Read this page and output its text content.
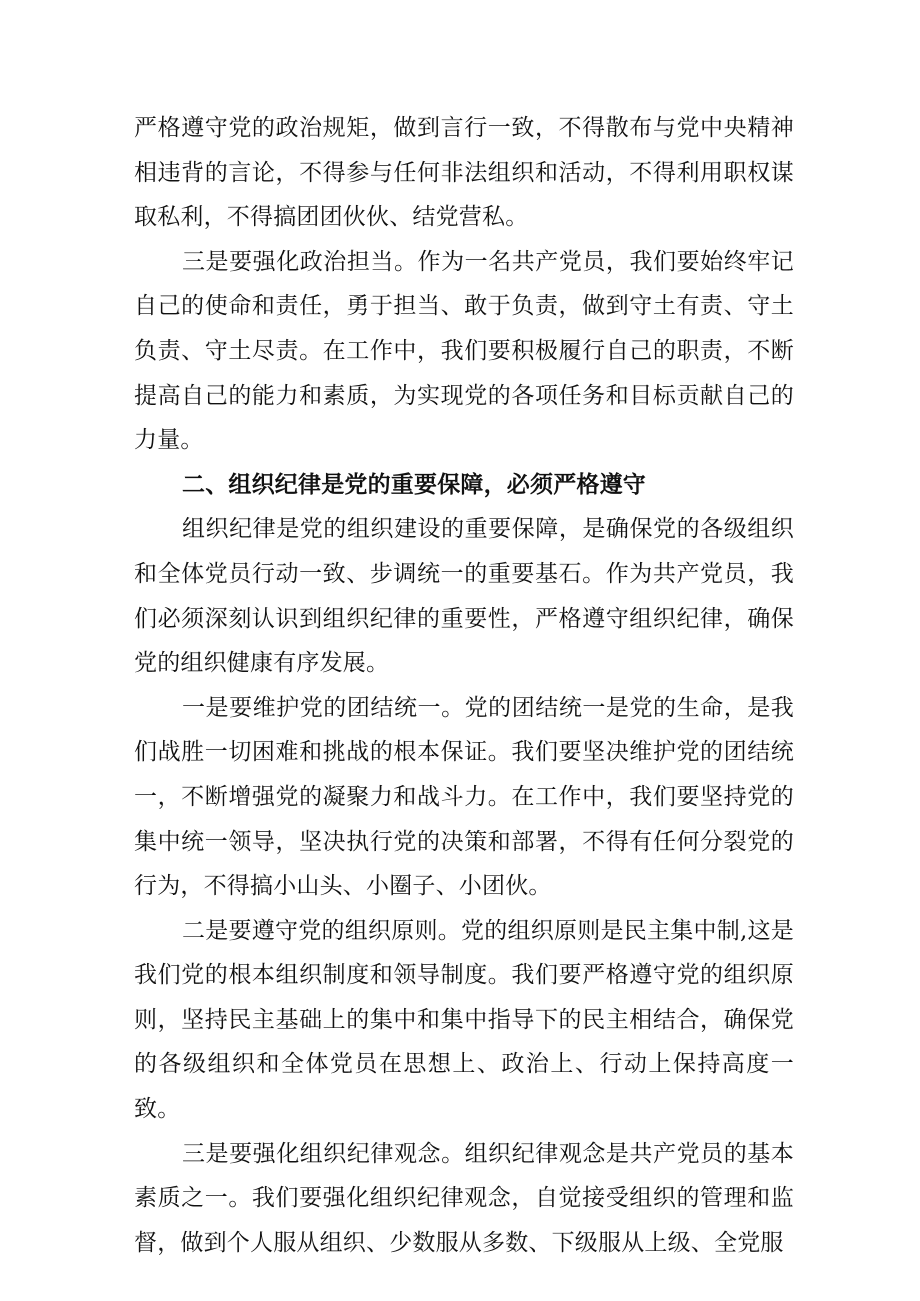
严格遵守党的政治规矩，做到言行一致，不得散布与党中央精神相违背的言论，不得参与任何非法组织和活动，不得利用职权谋取私利，不得搞团团伙伙、结党营私。

三是要强化政治担当。作为一名共产党员，我们要始终牢记自己的使命和责任，勇于担当、敢于负责，做到守土有责、守土负责、守土尽责。在工作中，我们要积极履行自己的职责，不断提高自己的能力和素质，为实现党的各项任务和目标贡献自己的力量。

二、组织纪律是党的重要保障，必须严格遵守

组织纪律是党的组织建设的重要保障，是确保党的各级组织和全体党员行动一致、步调统一的重要基石。作为共产党员，我们必须深刻认识到组织纪律的重要性，严格遵守组织纪律，确保党的组织健康有序发展。

一是要维护党的团结统一。党的团结统一是党的生命，是我们战胜一切困难和挑战的根本保证。我们要坚决维护党的团结统一，不断增强党的凝聚力和战斗力。在工作中，我们要坚持党的集中统一领导，坚决执行党的决策和部署，不得有任何分裂党的行为，不得搞小山头、小圈子、小团伙。

二是要遵守党的组织原则。党的组织原则是民主集中制,这是我们党的根本组织制度和领导制度。我们要严格遵守党的组织原则，坚持民主基础上的集中和集中指导下的民主相结合，确保党的各级组织和全体党员在思想上、政治上、行动上保持高度一致。

三是要强化组织纪律观念。组织纪律观念是共产党员的基本素质之一。我们要强化组织纪律观念，自觉接受组织的管理和监督，做到个人服从组织、少数服从多数、下级服从上级、全党服
